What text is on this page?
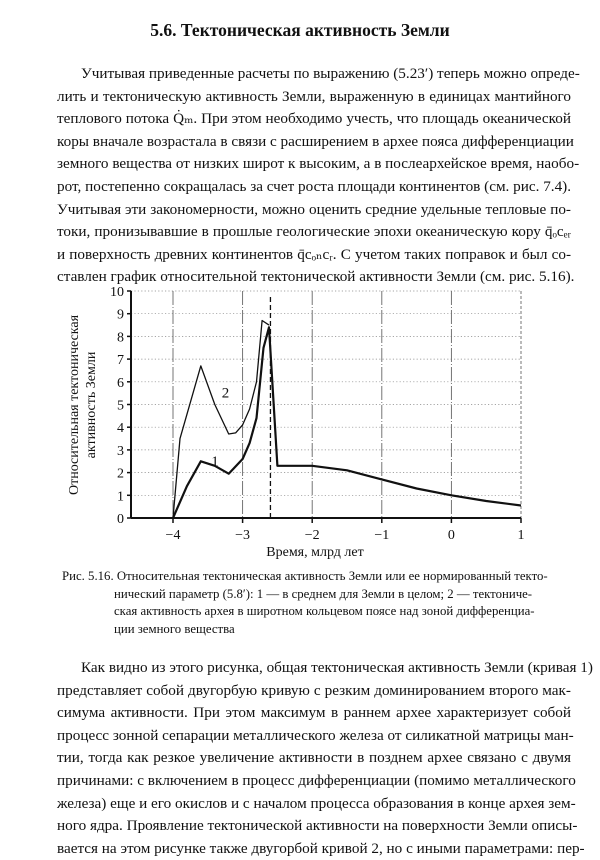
5.6. Тектоническая активность Земли
Учитывая приведенные расчеты по выражению (5.23′) теперь можно опреде-
лить и тектоническую активность Земли, выраженную в единицах мантийного
теплового потока Q̇ₘ. При этом необходимо учесть, что площадь океанической
коры вначале возрастала в связи с расширением в архее пояса дифференциации
земного вещества от низких широт к высоким, а в послеархейское время, наобо-
рот, постепенно сокращалась за счет роста площади континентов (см. рис. 7.4).
Учитывая эти закономерности, можно оценить средние удельные тепловые по-
токи, пронизывавшие в прошлые геологические эпохи океаническую кору q̄ₒcₑᵣ
и поверхность древних континентов q̄cₒₙcᵣ. С учетом таких поправок и был со-
ставлен график относительной тектонической активности Земли (см. рис. 5.16).
0
1
2
3
4
5
6
7
8
9
10
−4	−3	−2	−1	0	1
Время, млрд лет
Относительная тектоническая активность Земли
1
2
Рис. 5.16. Относительная тектоническая активность Земли или ее нормированный текто-
нический параметр (5.8′): 1 — в среднем для Земли в целом; 2 — тектониче-
ская активность архея в широтном кольцевом поясе над зоной дифференциа-
ции земного вещества
Как видно из этого рисунка, общая тектоническая активность Земли (кривая 1)
представляет собой двугорбую кривую с резким доминированием второго мак-
симума активности. При этом максимум в раннем архее характеризует собой
процесс зонной сепарации металлического железа от силикатной матрицы ман-
тии, тогда как резкое увеличение активности в позднем архее связано с двумя
причинами: с включением в процесс дифференциации (помимо металлического
железа) еще и его окислов и с началом процесса образования в конце архея зем-
ного ядра. Проявление тектонической активности на поверхности Земли описы-
вается на этом рисунке также двугорбой кривой 2, но с иными параметрами: пер-
